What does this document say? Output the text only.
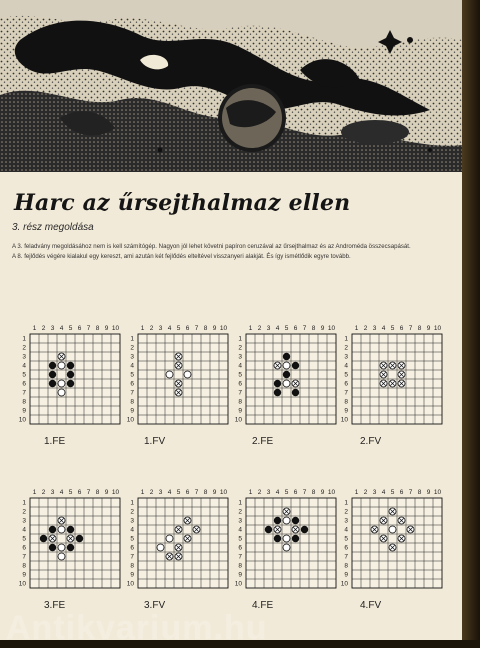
Harc az űrsejthalmaz ellen
3. rész megoldása

A 3. feladvány megoldásához nem is kell számítógép. Nagyon jól lehet követni papíron ceruzával az űrsejthalmaz és az Androméda összecsapását.

A 8. fejlődés végére kialakul egy kereszt, ami azután két fejlődés elteltével visszanyeri alakját. És így ismétlődik egyre tovább.

1 2 3 4 5 6 7 8 9 10
1
2
3
4
5
6
7
8
9
10
1.FE
1 2 3 4 5 6 7 8 9 10
1
2
3
4
5
6
7
8
9
10
1.FV
1 2 3 4 5 6 7 8 9 10
1
2
3
4
5
6
7
8
9
10
2.FE
1 2 3 4 5 6 7 8 9 10
1
2
3
4
5
6
7
8
9
10
2.FV
1 2 3 4 5 6 7 8 9 10
1
2
3
4
5
6
7
8
9
10
3.FE
1 2 3 4 5 6 7 8 9 10
1
2
3
4
5
6
7
8
9
10
3.FV
1 2 3 4 5 6 7 8 9 10
1
2
3
4
5
6
7
8
9
10
4.FE
1 2 3 4 5 6 7 8 9 10
1
2
3
4
5
6
7
8
9
10
4.FV
Antikvarium.hu
